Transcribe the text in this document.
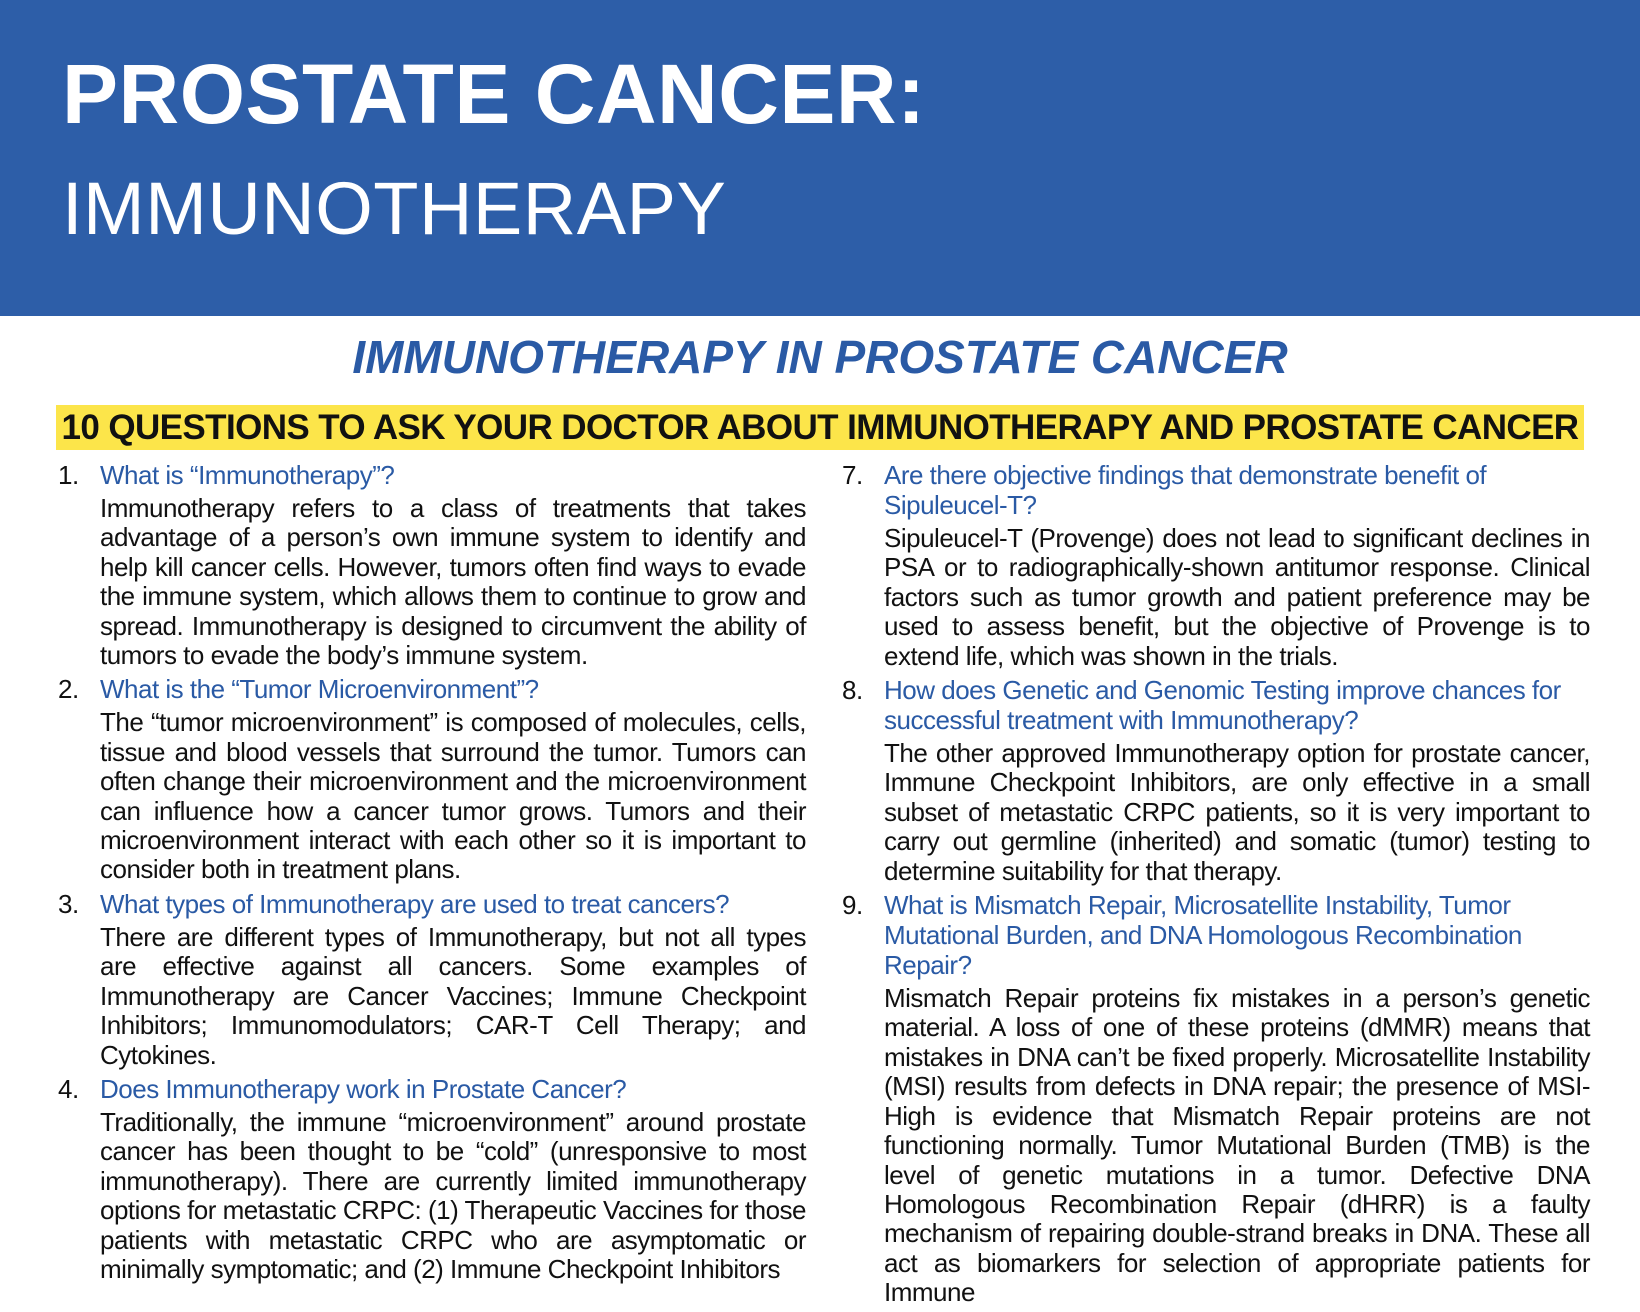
PROSTATE CANCER:
IMMUNOTHERAPY
IMMUNOTHERAPY IN PROSTATE CANCER
10 QUESTIONS TO ASK YOUR DOCTOR ABOUT IMMUNOTHERAPY AND PROSTATE CANCER
1. What is “Immunotherapy”?
Immunotherapy refers to a class of treatments that takes advantage of a person’s own immune system to identify and help kill cancer cells. However, tumors often find ways to evade the immune system, which allows them to continue to grow and spread. Immunotherapy is designed to circumvent the ability of tumors to evade the body’s immune system.
2. What is the “Tumor Microenvironment”?
The “tumor microenvironment” is composed of molecules, cells, tissue and blood vessels that surround the tumor. Tumors can often change their microenvironment and the microenvironment can influence how a cancer tumor grows. Tumors and their microenvironment interact with each other so it is important to consider both in treatment plans.
3. What types of Immunotherapy are used to treat cancers?
There are different types of Immunotherapy, but not all types are effective against all cancers. Some examples of Immunotherapy are Cancer Vaccines; Immune Checkpoint Inhibitors; Immunomodulators; CAR-T Cell Therapy; and Cytokines.
4. Does Immunotherapy work in Prostate Cancer?
Traditionally, the immune “microenvironment” around prostate cancer has been thought to be “cold” (unresponsive to most immunotherapy). There are currently limited immunotherapy options for metastatic CRPC: (1) Therapeutic Vaccines for those patients with metastatic CRPC who are asymptomatic or minimally symptomatic; and (2) Immune Checkpoint Inhibitors
7. Are there objective findings that demonstrate benefit of Sipuleucel-T?
Sipuleucel-T (Provenge) does not lead to significant declines in PSA or to radiographically-shown antitumor response. Clinical factors such as tumor growth and patient preference may be used to assess benefit, but the objective of Provenge is to extend life, which was shown in the trials.
8. How does Genetic and Genomic Testing improve chances for successful treatment with Immunotherapy?
The other approved Immunotherapy option for prostate cancer, Immune Checkpoint Inhibitors, are only effective in a small subset of metastatic CRPC patients, so it is very important to carry out germline (inherited) and somatic (tumor) testing to determine suitability for that therapy.
9. What is Mismatch Repair, Microsatellite Instability, Tumor Mutational Burden, and DNA Homologous Recombination Repair?
Mismatch Repair proteins fix mistakes in a person’s genetic material. A loss of one of these proteins (dMMR) means that mistakes in DNA can’t be fixed properly. Microsatellite Instability (MSI) results from defects in DNA repair; the presence of MSI-High is evidence that Mismatch Repair proteins are not functioning normally. Tumor Mutational Burden (TMB) is the level of genetic mutations in a tumor. Defective DNA Homologous Recombination Repair (dHRR) is a faulty mechanism of repairing double-strand breaks in DNA. These all act as biomarkers for selection of appropriate patients for Immune
